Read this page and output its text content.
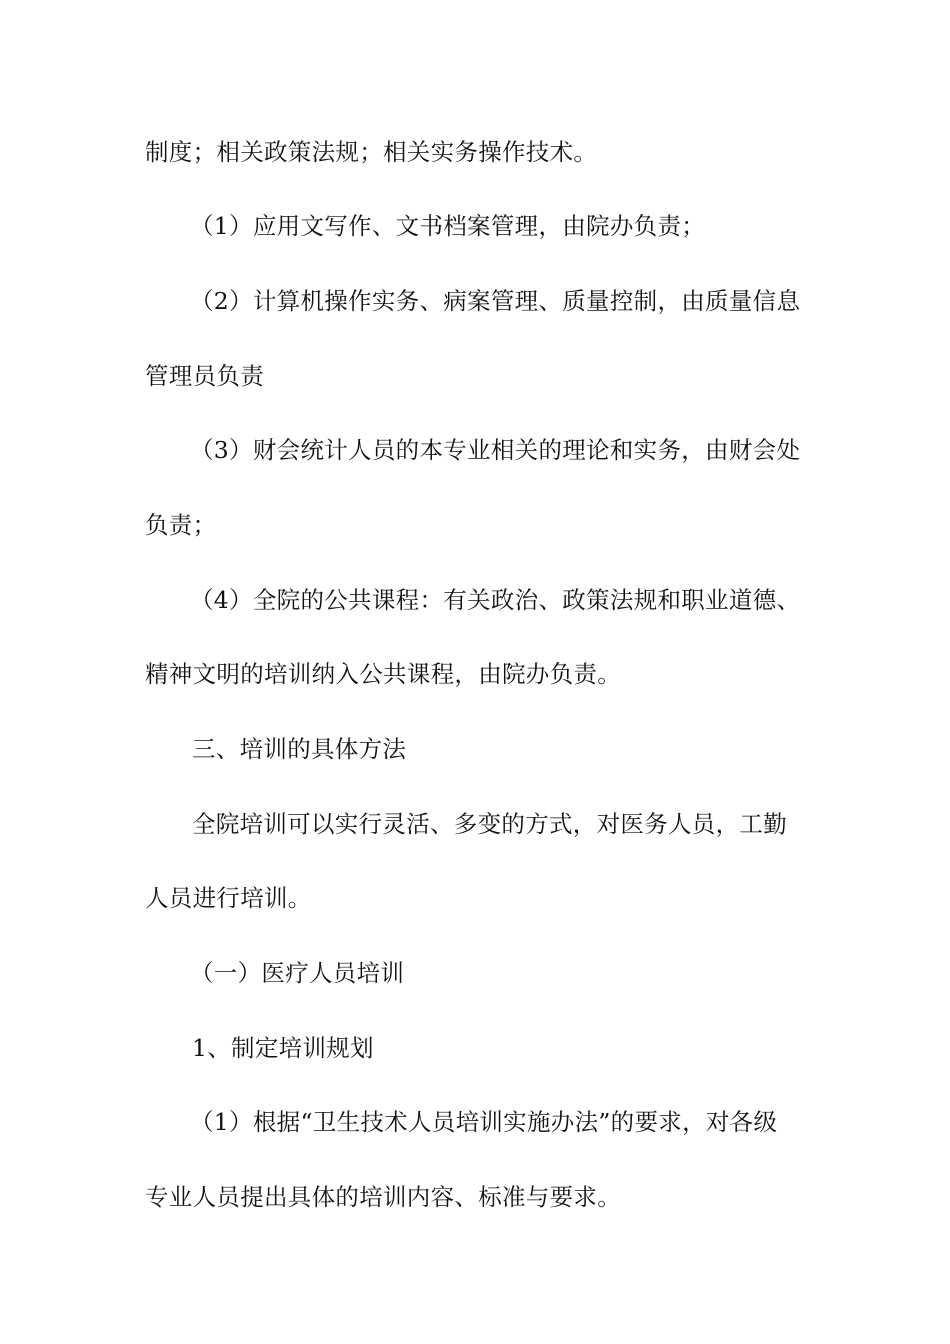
制度；相关政策法规；相关实务操作技术。
（1）应用文写作、文书档案管理，由院办负责；
（2）计算机操作实务、病案管理、质量控制，由质量信息
管理员负责
（3）财会统计人员的本专业相关的理论和实务，由财会处
负责；
（4）全院的公共课程：有关政治、政策法规和职业道德、
精神文明的培训纳入公共课程，由院办负责。
三、培训的具体方法
全院培训可以实行灵活、多变的方式，对医务人员，工勤
人员进行培训。
（一）医疗人员培训
1、制定培训规划
（1）根据“卫生技术人员培训实施办法”的要求，对各级
专业人员提出具体的培训内容、标准与要求。
